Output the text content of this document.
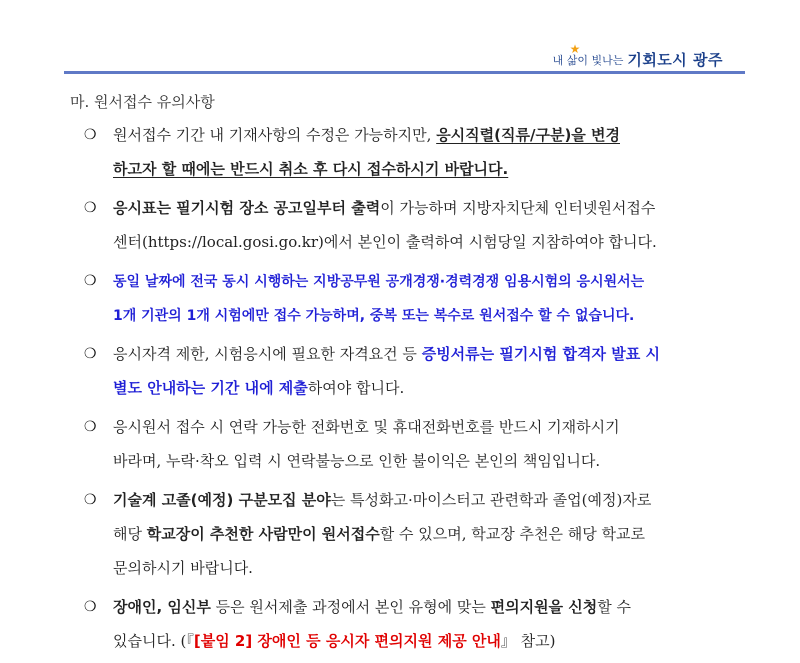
★
내 삶이 빛나는 기회도시 광주
마. 원서접수 유의사항
❍ 원서접수 기간 내 기재사항의 수정은 가능하지만, 응시직렬(직류/구분)을 변경
하고자 할 때에는 반드시 취소 후 다시 접수하시기 바랍니다.
❍ 응시표는 필기시험 장소 공고일부터 출력이 가능하며 지방자치단체 인터넷원서접수
센터(https://local.gosi.go.kr)에서 본인이 출력하여 시험당일 지참하여야 합니다.
❍ 동일 날짜에 전국 동시 시행하는 지방공무원 공개경쟁·경력경쟁 임용시험의 응시원서는
1개 기관의 1개 시험에만 접수 가능하며, 중복 또는 복수로 원서접수 할 수 없습니다.
❍ 응시자격 제한, 시험응시에 필요한 자격요건 등 증빙서류는 필기시험 합격자 발표 시
별도 안내하는 기간 내에 제출하여야 합니다.
❍ 응시원서 접수 시 연락 가능한 전화번호 및 휴대전화번호를 반드시 기재하시기
바라며, 누락·착오 입력 시 연락불능으로 인한 불이익은 본인의 책임입니다.
❍ 기술계 고졸(예정) 구분모집 분야는 특성화고·마이스터고 관련학과 졸업(예정)자로
해당 학교장이 추천한 사람만이 원서접수할 수 있으며, 학교장 추천은 해당 학교로
문의하시기 바랍니다.
❍ 장애인, 임신부 등은 원서제출 과정에서 본인 유형에 맞는 편의지원을 신청할 수
있습니다. (『[붙임 2] 장애인 등 응시자 편의지원 제공 안내』 참고)
